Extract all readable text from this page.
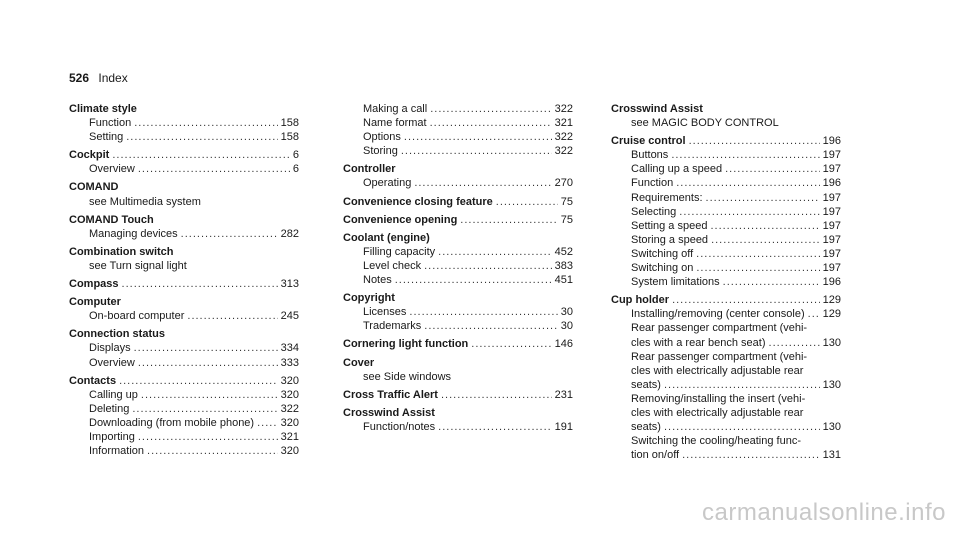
526 Index
Climate style
Function .....	158
Setting .....	158
Cockpit .....	6
Overview .....	6
COMAND
see Multimedia system
COMAND Touch
Managing devices .....	282
Combination switch
see Turn signal light
Compass .....	313
Computer
On-board computer .....	245
Connection status
Displays .....	334
Overview .....	333
Contacts .....	320
Calling up .....	320
Deleting .....	322
Downloading (from mobile phone) ..... 320
Importing .....	321
Information .....	320
Making a call .....	322
Name format .....	321
Options .....	322
Storing .....	322
Controller
Operating .....	270
Convenience closing feature .....	75
Convenience opening .....	75
Coolant (engine)
Filling capacity .....	452
Level check .....	383
Notes .....	451
Copyright
Licenses .....	30
Trademarks .....	30
Cornering light function .....	146
Cover
see Side windows
Cross Traffic Alert .....	231
Crosswind Assist
Function/notes .....	191
Crosswind Assist
see MAGIC BODY CONTROL
Cruise control .....	196
Buttons .....	197
Calling up a speed .....	197
Function .....	196
Requirements: .....	197
Selecting .....	197
Setting a speed .....	197
Storing a speed .....	197
Switching off .....	197
Switching on .....	197
System limitations .....	196
Cup holder .....	129
Installing/removing (center console) ..... 129
Rear passenger compartment (vehi-
cles with a rear bench seat) .....	130
Rear passenger compartment (vehi-
cles with electrically adjustable rear
seats) .....	130
Removing/installing the insert (vehi-
cles with electrically adjustable rear
seats) .....	130
Switching the cooling/heating func-
tion on/off .....	131
carmanualsonline.info
